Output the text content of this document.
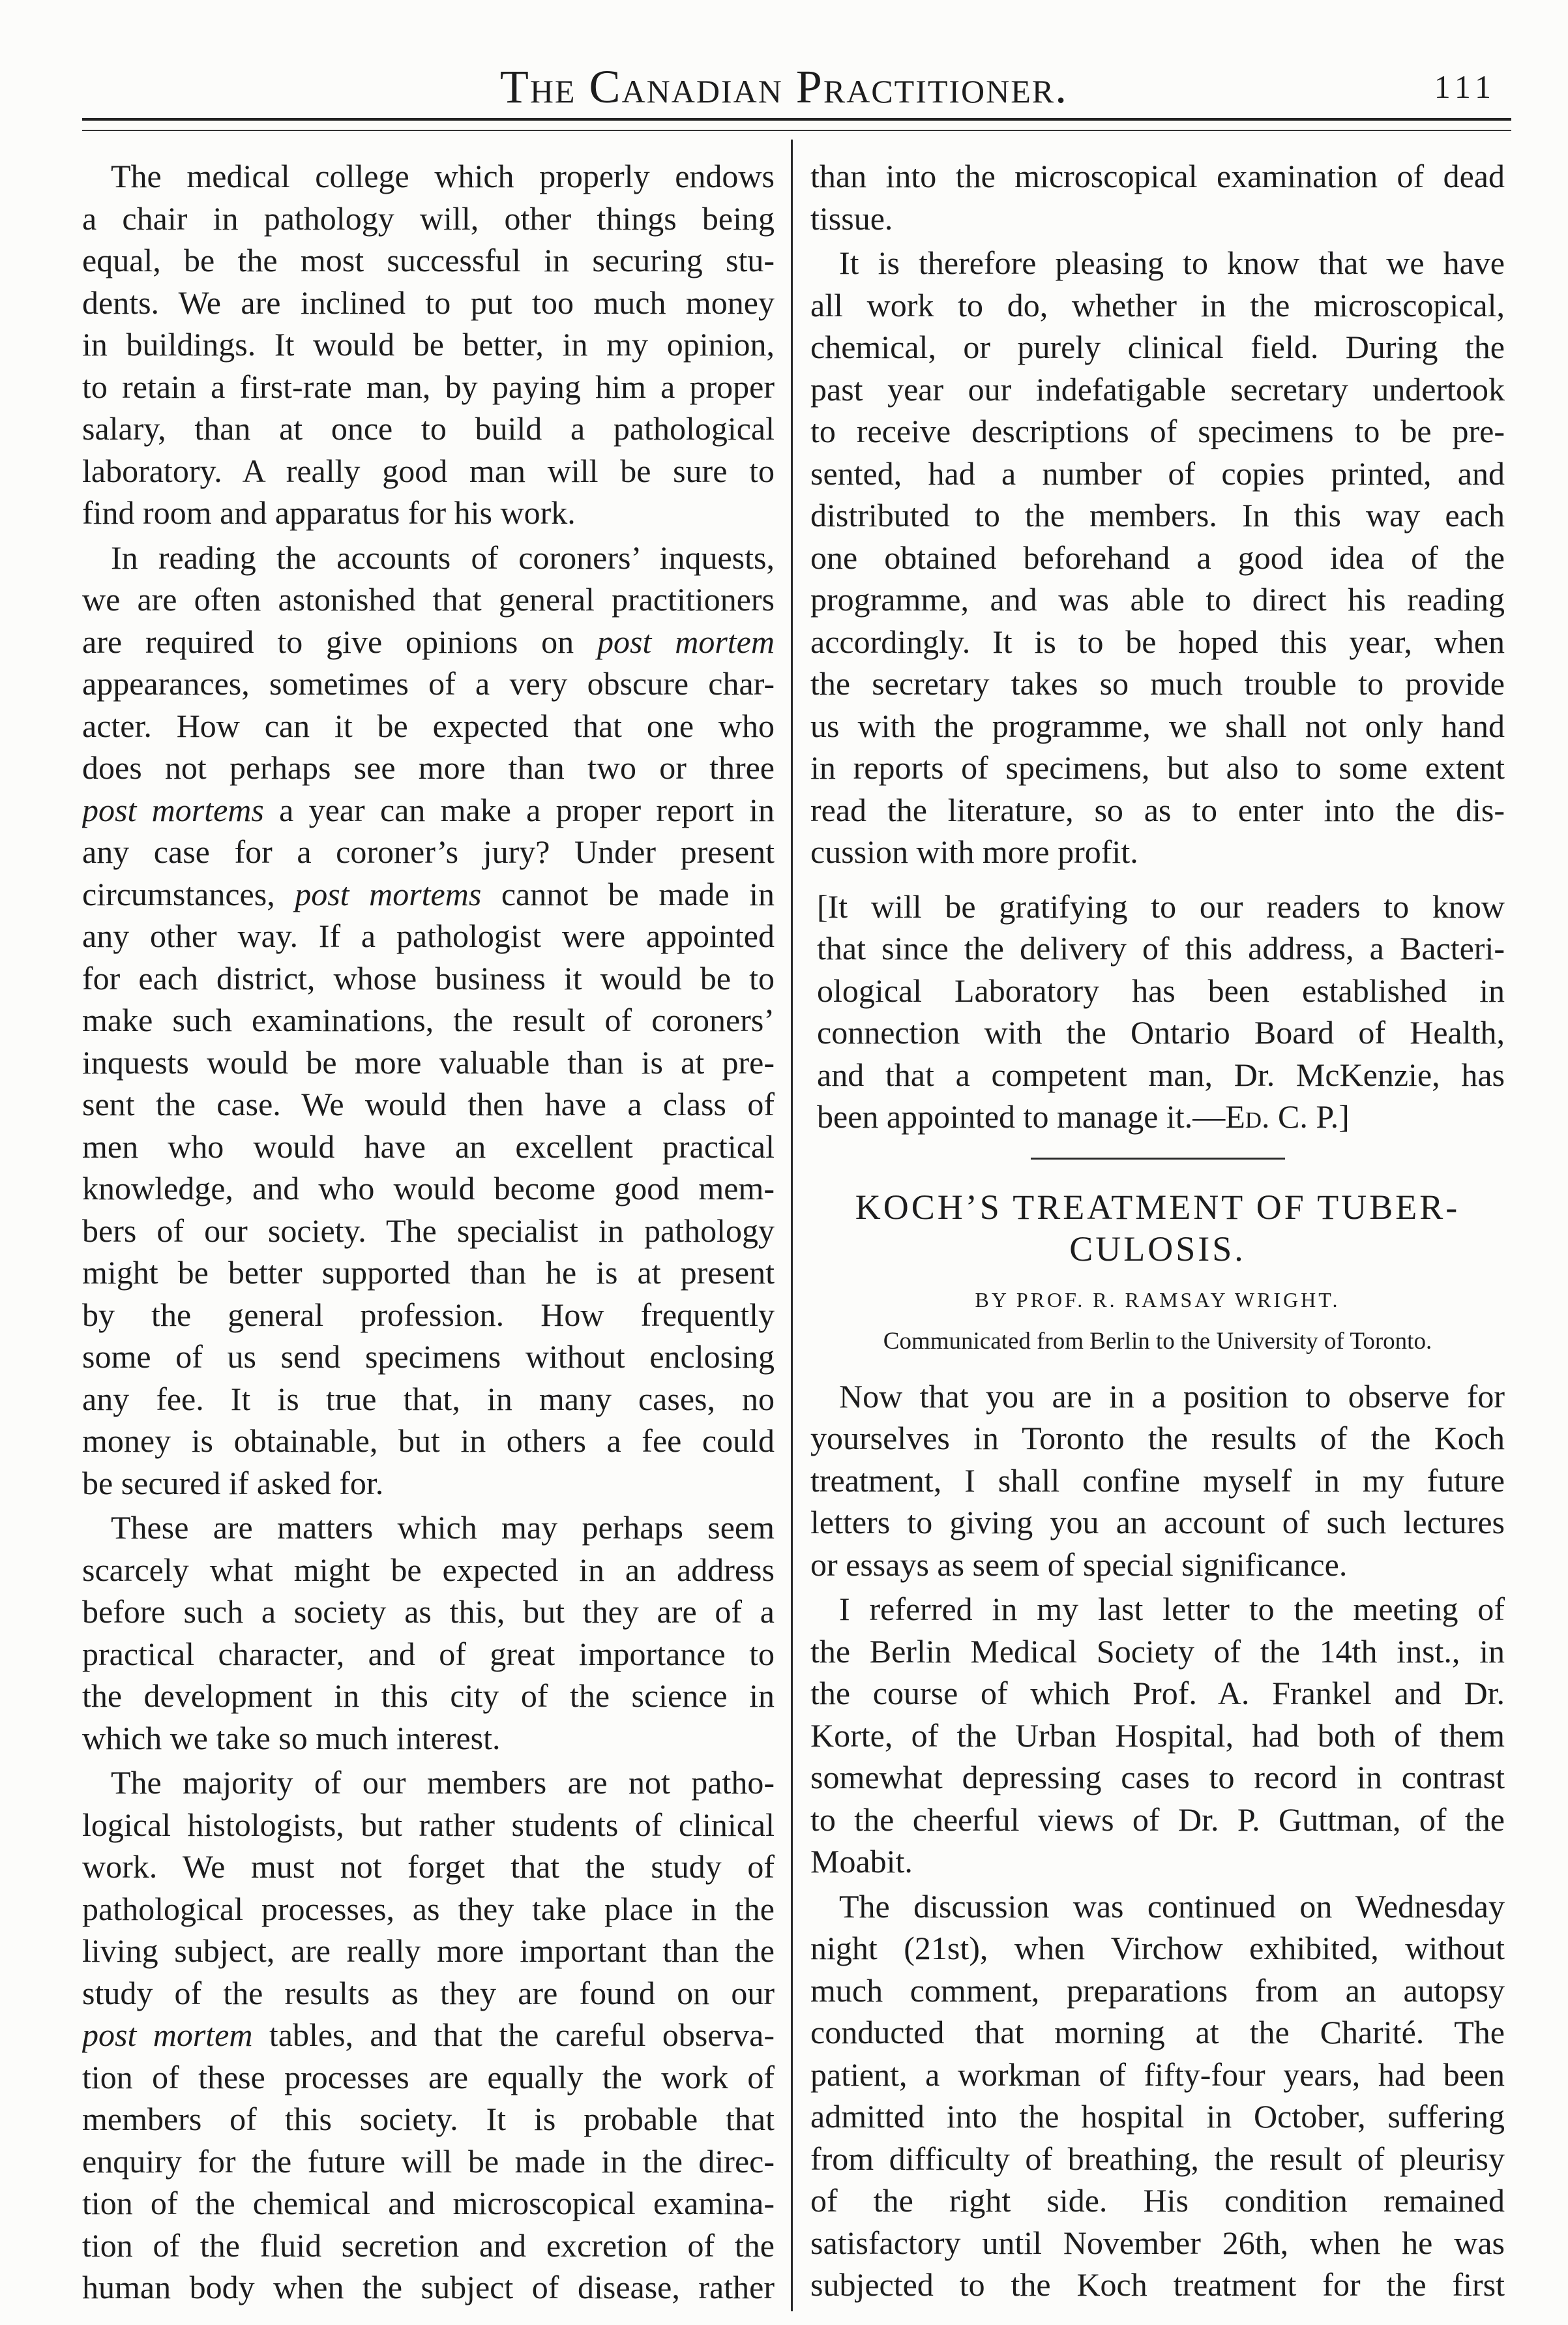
The Canadian Practitioner.	111
The medical college which properly endows
a chair in pathology will, other things being
equal, be the most successful in securing stu-
dents. We are inclined to put too much money
in buildings. It would be better, in my opinion,
to retain a first-rate man, by paying him a proper
salary, than at once to build a pathological
laboratory. A really good man will be sure to
find room and apparatus for his work.
In reading the accounts of coroners’ inquests,
we are often astonished that general practitioners
are required to give opinions on post mortem
appearances, sometimes of a very obscure char-
acter. How can it be expected that one who
does not perhaps see more than two or three
post mortems a year can make a proper report in
any case for a coroner’s jury? Under present
circumstances, post mortems cannot be made in
any other way. If a pathologist were appointed
for each district, whose business it would be to
make such examinations, the result of coroners’
inquests would be more valuable than is at pre-
sent the case. We would then have a class of
men who would have an excellent practical
knowledge, and who would become good mem-
bers of our society. The specialist in pathology
might be better supported than he is at present
by the general profession. How frequently
some of us send specimens without enclosing
any fee. It is true that, in many cases, no
money is obtainable, but in others a fee could
be secured if asked for.
These are matters which may perhaps seem
scarcely what might be expected in an address
before such a society as this, but they are of a
practical character, and of great importance to
the development in this city of the science in
which we take so much interest.
The majority of our members are not patho-
logical histologists, but rather students of clinical
work. We must not forget that the study of
pathological processes, as they take place in the
living subject, are really more important than the
study of the results as they are found on our
post mortem tables, and that the careful observa-
tion of these processes are equally the work of
members of this society. It is probable that
enquiry for the future will be made in the direc-
tion of the chemical and microscopical examina-
tion of the fluid secretion and excretion of the
human body when the subject of disease, rather
than into the microscopical examination of dead
tissue.
It is therefore pleasing to know that we have
all work to do, whether in the microscopical,
chemical, or purely clinical field. During the
past year our indefatigable secretary undertook
to receive descriptions of specimens to be pre-
sented, had a number of copies printed, and
distributed to the members. In this way each
one obtained beforehand a good idea of the
programme, and was able to direct his reading
accordingly. It is to be hoped this year, when
the secretary takes so much trouble to provide
us with the programme, we shall not only hand
in reports of specimens, but also to some extent
read the literature, so as to enter into the dis-
cussion with more profit.
[It will be gratifying to our readers to know
that since the delivery of this address, a Bacteri-
ological Laboratory has been established in
connection with the Ontario Board of Health,
and that a competent man, Dr. McKenzie, has
been appointed to manage it.—Ed. C. P.]
KOCH’S TREATMENT OF TUBER-
CULOSIS.
BY PROF. R. RAMSAY WRIGHT.
Communicated from Berlin to the University of Toronto.
Now that you are in a position to observe for
yourselves in Toronto the results of the Koch
treatment, I shall confine myself in my future
letters to giving you an account of such lectures
or essays as seem of special significance.
I referred in my last letter to the meeting of
the Berlin Medical Society of the 14th inst., in
the course of which Prof. A. Frankel and Dr.
Korte, of the Urban Hospital, had both of them
somewhat depressing cases to record in contrast
to the cheerful views of Dr. P. Guttman, of the
Moabit.
The discussion was continued on Wednesday
night (21st), when Virchow exhibited, without
much comment, preparations from an autopsy
conducted that morning at the Charité. The
patient, a workman of fifty-four years, had been
admitted into the hospital in October, suffering
from difficulty of breathing, the result of pleurisy
of the right side. His condition remained
satisfactory until November 26th, when he was
subjected to the Koch treatment for the first
